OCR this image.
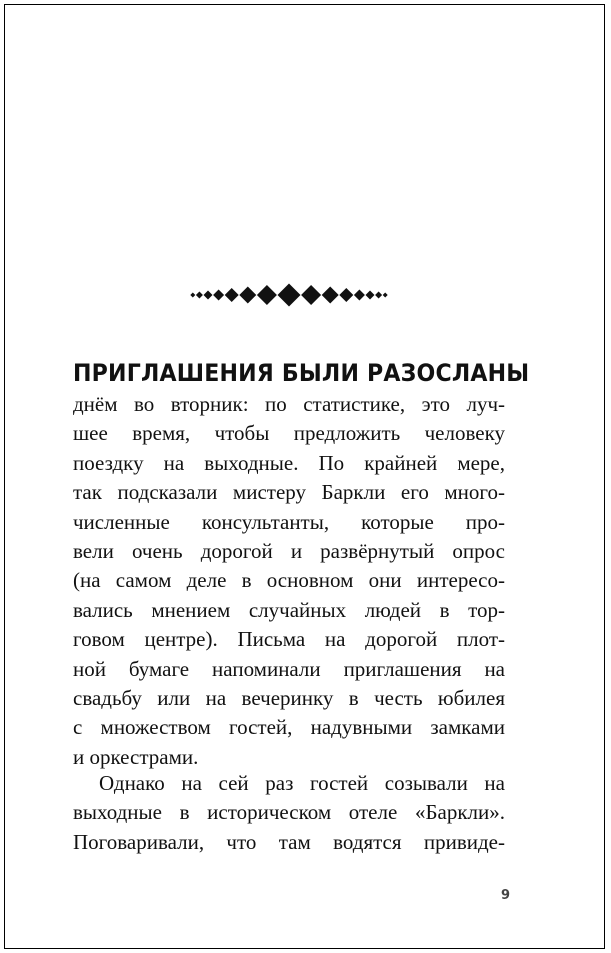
ПРИГЛАШЕНИЯ БЫЛИ РАЗОСЛАНЫ
днём во вторник: по статистике, это луч-
шее время, чтобы предложить человеку
поездку на выходные. По крайней мере,
так подсказали мистеру Баркли его много-
численные консультанты, которые про-
вели очень дорогой и развёрнутый опрос
(на самом деле в основном они интересо-
вались мнением случайных людей в тор-
говом центре). Письма на дорогой плот-
ной бумаге напоминали приглашения на
свадьбу или на вечеринку в честь юбилея
с множеством гостей, надувными замками
и оркестрами.
Однако на сей раз гостей созывали на
выходные в историческом отеле «Баркли».
Поговаривали, что там водятся привиде-
9
